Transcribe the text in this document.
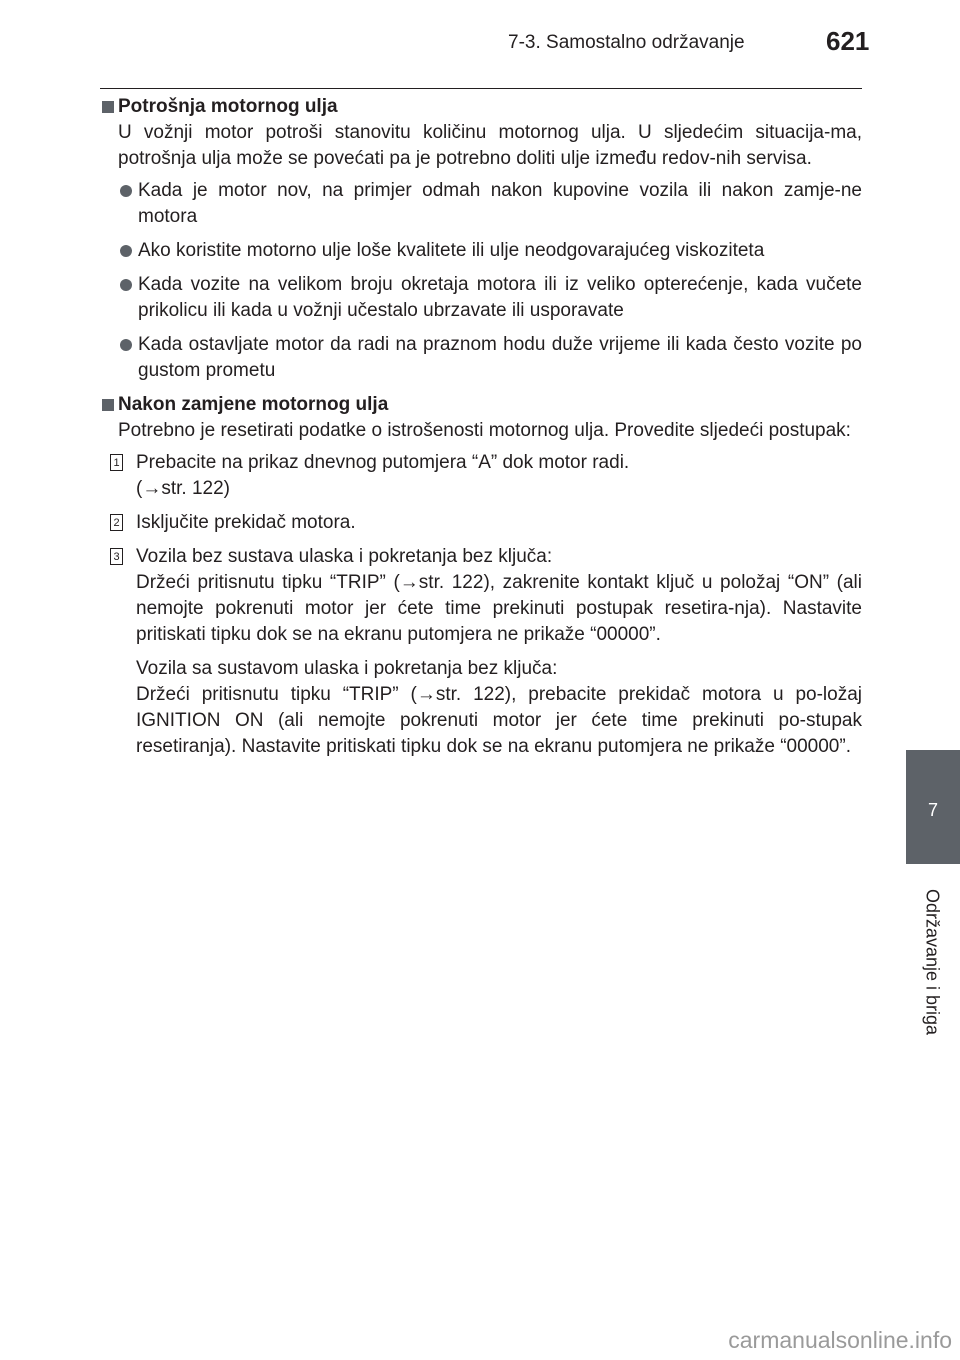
7-3. Samostalno održavanje	621
7
Održavanje i briga
Potrošnja motornog ulja
U vožnji motor potroši stanovitu količinu motornog ulja. U sljedećim situacija-ma, potrošnja ulja može se povećati pa je potrebno doliti ulje između redov-nih servisa.
Kada je motor nov, na primjer odmah nakon kupovine vozila ili nakon zamje-ne motora
Ako koristite motorno ulje loše kvalitete ili ulje neodgovarajućeg viskoziteta
Kada vozite na velikom broju okretaja motora ili iz veliko opterećenje, kada vučete prikolicu ili kada u vožnji učestalo ubrzavate ili usporavate
Kada ostavljate motor da radi na praznom hodu duže vrijeme ili kada često vozite po gustom prometu
Nakon zamjene motornog ulja
Potrebno je resetirati podatke o istrošenosti motornog ulja. Provedite sljedeći postupak:
1 Prebacite na prikaz dnevnog putomjera “A” dok motor radi.

(→str. 122)
2 Isključite prekidač motora.

3 Vozila bez sustava ulaska i pokretanja bez ključa:
Držeći pritisnutu tipku “TRIP” (→str. 122), zakrenite kontakt ključ u položaj “ON” (ali nemojte pokrenuti motor jer ćete time prekinuti postupak resetira-nja). Nastavite pritiskati tipku dok se na ekranu putomjera ne prikaže “00000”.
Vozila sa sustavom ulaska i pokretanja bez ključa:
Držeći pritisnutu tipku “TRIP” (→str. 122), prebacite prekidač motora u po-ložaj IGNITION ON (ali nemojte pokrenuti motor jer ćete time prekinuti po-stupak resetiranja). Nastavite pritiskati tipku dok se na ekranu putomjera ne prikaže “00000”.
carmanualsonline.info
